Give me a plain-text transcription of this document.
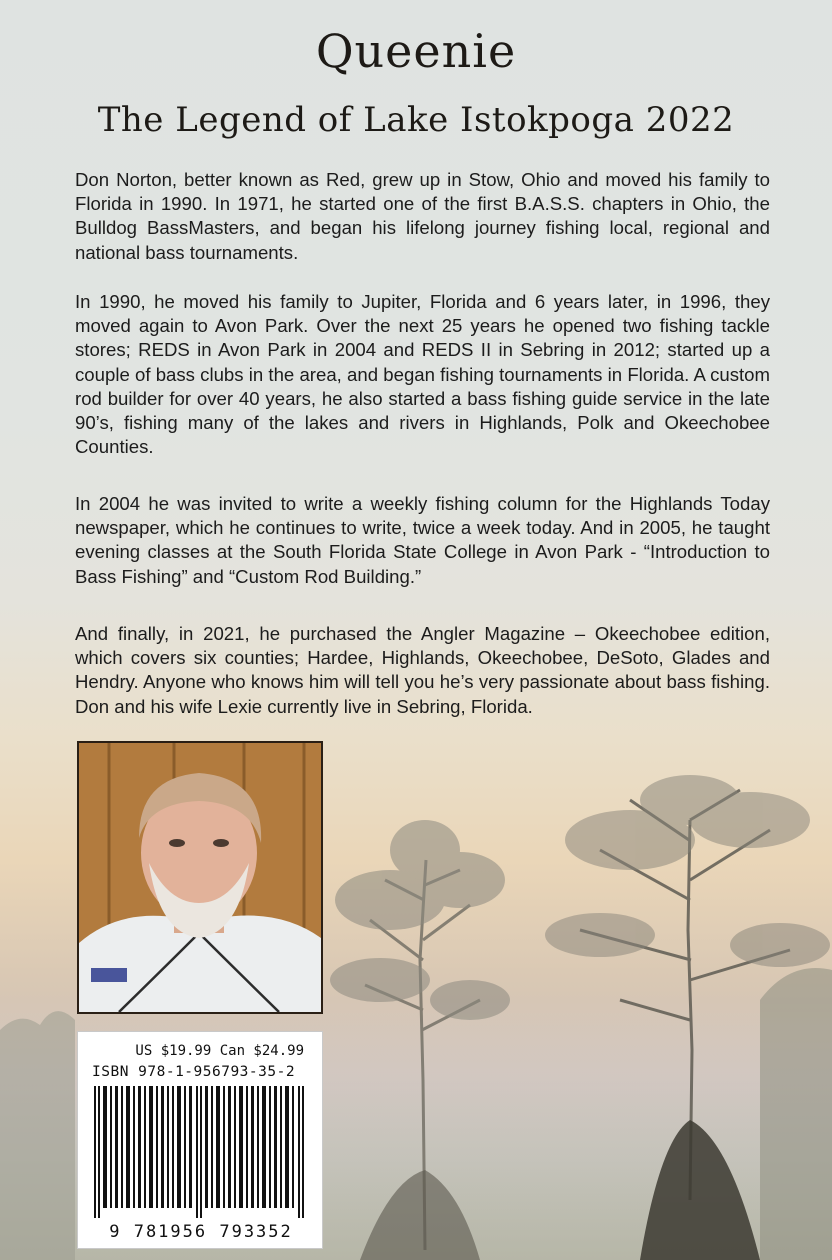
Queenie
The Legend of Lake Istokpoga 2022

Don Norton, better known as Red, grew up in Stow, Ohio and moved his family to Florida in 1990. In 1971, he started one of the first B.A.S.S. chapters in Ohio, the Bulldog BassMasters, and began his lifelong journey fishing local, regional and national bass tournaments.

In 1990, he moved his family to Jupiter, Florida and 6 years later, in 1996, they moved again to Avon Park. Over the next 25 years he opened two fishing tackle stores; REDS in Avon Park in 2004 and REDS II in Sebring in 2012; started up a couple of bass clubs in the area, and began fishing tournaments in Florida. A custom rod builder for over 40 years, he also started a bass fishing guide service in the late 90’s, fishing many of the lakes and rivers in Highlands, Polk and Okeechobee Counties.

In 2004 he was invited to write a weekly fishing column for the Highlands Today newspaper, which he continues to write, twice a week today. And in 2005, he taught evening classes at the South Florida State College in Avon Park - “Introduction to Bass Fishing” and “Custom Rod Building.”

And finally, in 2021, he purchased the Angler Magazine – Okeechobee edition, which covers six counties; Hardee, Highlands, Okeechobee, DeSoto, Glades and Hendry. Anyone who knows him will tell you he’s very passionate about bass fishing. Don and his wife Lexie currently live in Sebring, Florida.

US $19.99 Can $24.99

ISBN 978-1-956793-35-2

9 781956 793352
